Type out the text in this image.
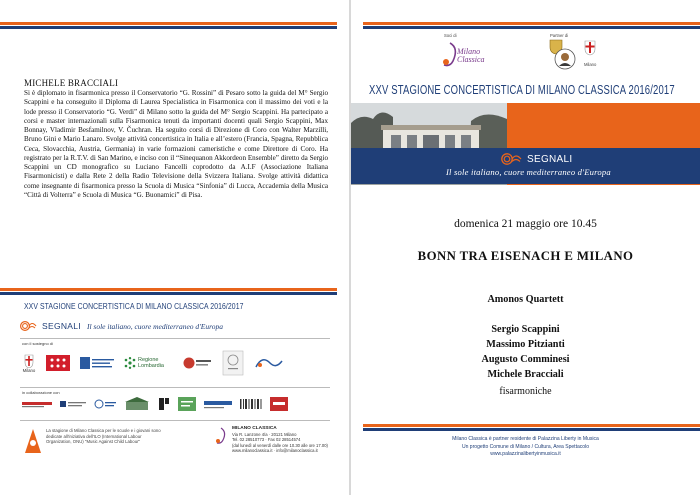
MICHELE BRACCIALI
Si è diplomato in fisarmonica presso il Conservatorio “G. Rossini” di Pesaro sotto la guida del M° Sergio Scappini e ha conseguito il Diploma di Laurea Specialistica in Fisarmonica con il massimo dei voti e la lode presso il Conservatorio “G. Verdi” di Milano sotto la guida del M° Sergio Scappini. Ha partecipato a corsi e master internazionali sulla Fisarmonica tenuti da importanti docenti quali Sergio Scappini, Max Bonnay, Vladimir Besfamilnov, V. Čuchran. Ha seguito corsi di Direzione di Coro con Walter Marzilli, Bruno Gini e Mario Lanaro. Svolge attività concertistica in Italia e all’estero (Francia, Spagna, Repubblica Ceca, Slovacchia, Austria, Germania) in varie formazioni cameristiche e come Direttore di Coro. Ha registrato per la R.T.V. di San Marino, e inciso con il “Sinequanon Akkordeon Ensemble” diretto da Sergio Scappini un CD monografico su Luciano Fancelli coprodotto da A.I.F (Associazione Italiana Fisarmonicisti) e dalla Rete 2 della Radio Televisione della Svizzera Italiana. Svolge attività didattica come insegnante di fisarmonica presso la Scuola di Musica “Sinfonia” di Lucca, Accademia della Musica “Città di Volterra” e Scuola di Musica “G. Buonamici” di Pisa.
XXV STAGIONE CONCERTISTICA DI MILANO CLASSICA 2016/2017
SEGNALI Il sole italiano, cuore mediterraneo d'Europa
con il sostegno di
Milano
Regione Lombardia
in collaborazione con
La stagione di Milano Classica per le scuole e i giovani sono dedicate all'iniziativa dell'ILO (International Labour Organization, ONU) "Music Against Child Labour"
MILANO CLASSICA
Via R. Lanzone 4/a · 20121 Milano
Tel. 02 28510773 · Fax 02 28514574
(dal lunedì al venerdì dalle ore 10.30 alle ore 17.00)
www.milanoclassica.it · info@milanoclassica.it
Soci di	Partner di
Milano
Classica
Milano
XXV STAGIONE CONCERTISTICA DI MILANO CLASSICA 2016/2017
SEGNALI
Il sole italiano, cuore mediterraneo d'Europa
domenica 21 maggio ore 10.45
BONN TRA EISENACH E MILANO
Amonos Quartett
Sergio Scappini
Massimo Pitzianti
Augusto Comminesi
Michele Bracciali
fisarmoniche
Milano Classica è partner residente di Palazzina Liberty in Musica
Un progetto Comune di Milano / Cultura, Area Spettacolo
www.palazzinalibertyinmusica.it
